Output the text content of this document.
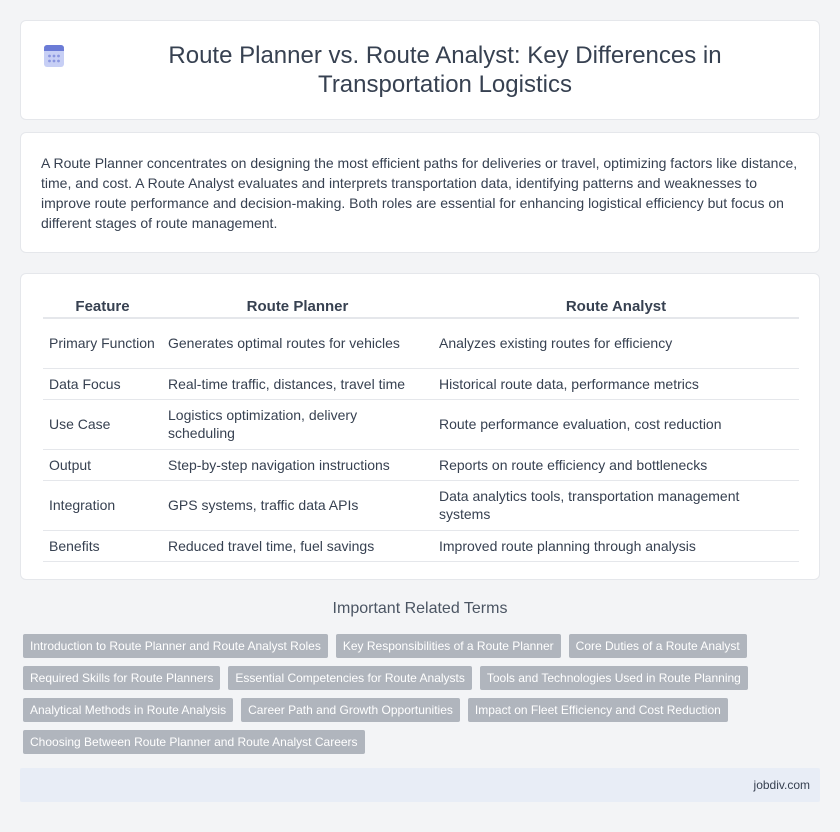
Route Planner vs. Route Analyst: Key Differences in Transportation Logistics

A Route Planner concentrates on designing the most efficient paths for deliveries or travel, optimizing factors like distance, time, and cost. A Route Analyst evaluates and interprets transportation data, identifying patterns and weaknesses to improve route performance and decision-making. Both roles are essential for enhancing logistical efficiency but focus on different stages of route management.

Feature	Route Planner	Route Analyst
Primary Function	Generates optimal routes for vehicles	Analyzes existing routes for efficiency
Data Focus	Real-time traffic, distances, travel time	Historical route data, performance metrics
Use Case	Logistics optimization, delivery scheduling	Route performance evaluation, cost reduction
Output	Step-by-step navigation instructions	Reports on route efficiency and bottlenecks
Integration	GPS systems, traffic data APIs	Data analytics tools, transportation management systems
Benefits	Reduced travel time, fuel savings	Improved route planning through analysis
Important Related Terms
Introduction to Route Planner and Route Analyst Roles	Key Responsibilities of a Route Planner	Core Duties of a Route Analyst
Required Skills for Route Planners	Essential Competencies for Route Analysts	Tools and Technologies Used in Route Planning
Analytical Methods in Route Analysis	Career Path and Growth Opportunities	Impact on Fleet Efficiency and Cost Reduction
Choosing Between Route Planner and Route Analyst Careers
jobdiv.com
